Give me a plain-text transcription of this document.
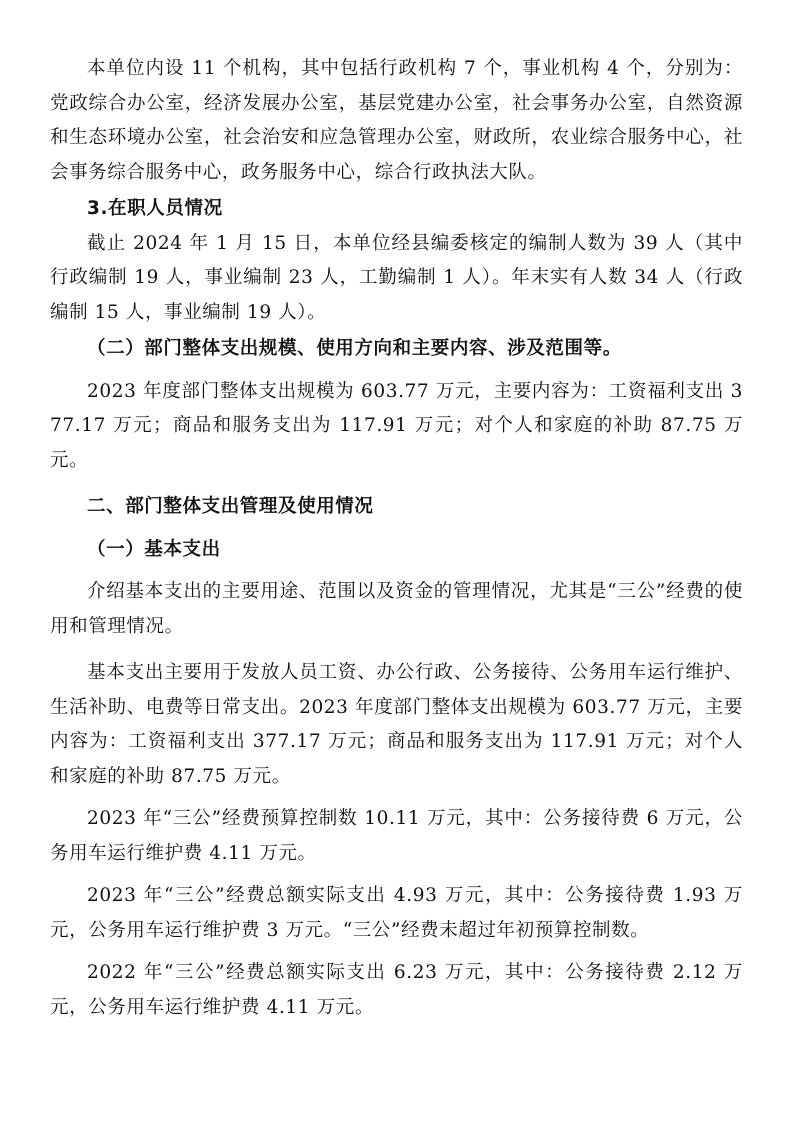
本单位内设 11 个机构，其中包括行政机构 7 个，事业机构 4 个，分别为：党政综合办公室，经济发展办公室，基层党建办公室，社会事务办公室，自然资源和生态环境办公室，社会治安和应急管理办公室，财政所，农业综合服务中心，社会事务综合服务中心，政务服务中心，综合行政执法大队。

3.在职人员情况

截止 2024 年 1 月 15 日，本单位经县编委核定的编制人数为 39 人（其中行政编制 19 人，事业编制 23 人，工勤编制 1 人）。年末实有人数 34 人（行政编制 15 人，事业编制 19 人）。

（二）部门整体支出规模、使用方向和主要内容、涉及范围等。

2023 年度部门整体支出规模为 603.77 万元，主要内容为：工资福利支出 377.17 万元；商品和服务支出为 117.91 万元；对个人和家庭的补助 87.75 万元。

二、部门整体支出管理及使用情况

（一）基本支出

介绍基本支出的主要用途、范围以及资金的管理情况，尤其是“三公”经费的使用和管理情况。

基本支出主要用于发放人员工资、办公行政、公务接待、公务用车运行维护、生活补助、电费等日常支出。2023 年度部门整体支出规模为 603.77 万元，主要内容为：工资福利支出 377.17 万元；商品和服务支出为 117.91 万元；对个人和家庭的补助 87.75 万元。

2023 年“三公”经费预算控制数 10.11 万元，其中：公务接待费 6 万元，公务用车运行维护费 4.11 万元。

2023 年“三公”经费总额实际支出 4.93 万元，其中：公务接待费 1.93 万元，公务用车运行维护费 3 万元。“三公”经费未超过年初预算控制数。

2022 年“三公”经费总额实际支出 6.23 万元，其中：公务接待费 2.12 万元，公务用车运行维护费 4.11 万元。
